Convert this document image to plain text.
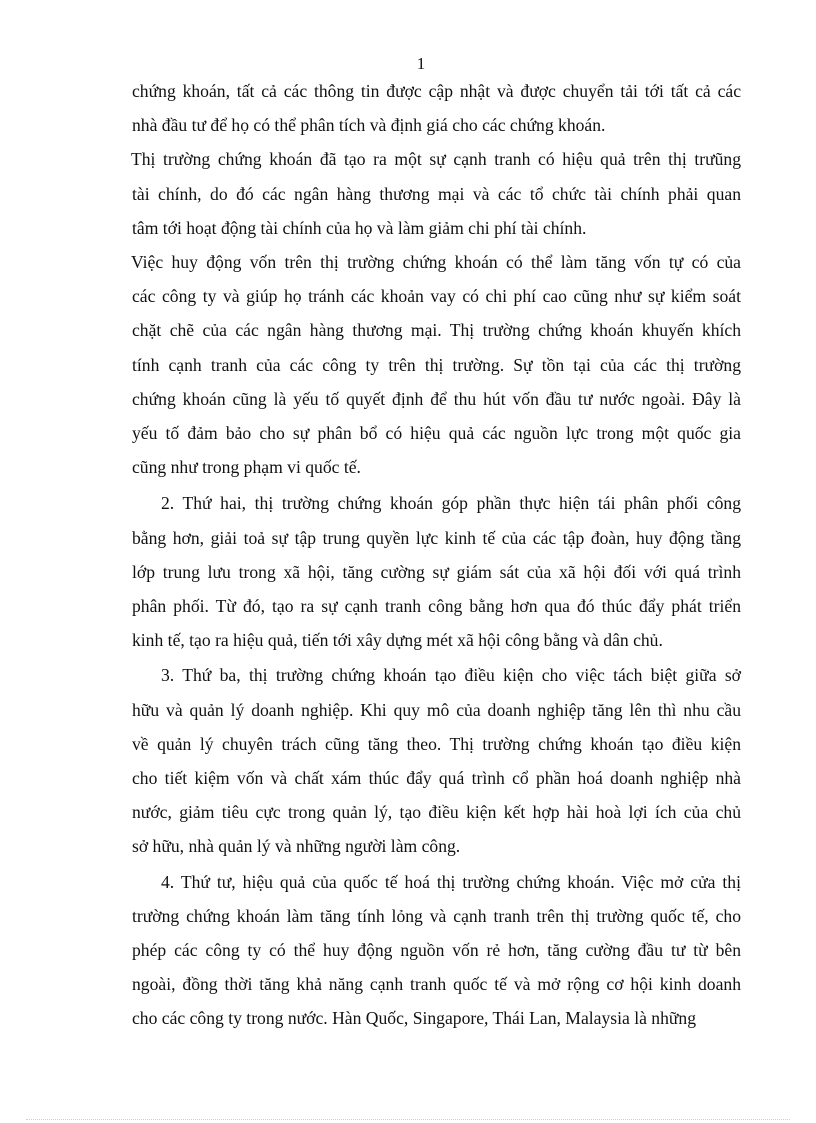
1

chứng khoán, tất cả các thông tin được cập nhật và được chuyển tải tới tất cả các
nhà đầu tư để họ có thể phân tích và định giá cho các chứng khoán.

Thị trường chứng khoán đã tạo ra một sự cạnh tranh có hiệu quả trên thị trưũng
tài chính, do đó các ngân hàng thương mại và các tổ chức tài chính phải quan
tâm tới hoạt động tài chính của họ và làm giảm chi phí tài chính.

Việc huy động vốn trên thị trường chứng khoán có thể làm tăng vốn tự có của
các công ty và giúp họ tránh các khoản vay có chi phí cao cũng như sự kiểm soát
chặt chẽ của các ngân hàng thương mại. Thị trường chứng khoán khuyến khích
tính cạnh tranh của các công ty trên thị trường. Sự tồn tại của các thị trường
chứng khoán cũng là yếu tố quyết định để thu hút vốn đầu tư nước ngoài. Đây là
yếu tố đảm bảo cho sự phân bổ có hiệu quả các nguồn lực trong một quốc gia
cũng như trong phạm vi quốc tế.

2. Thứ hai, thị trường chứng khoán góp phần thực hiện tái phân phối công
bằng hơn, giải toả sự tập trung quyền lực kinh tế của các tập đoàn, huy động tầng
lớp trung lưu trong xã hội, tăng cường sự giám sát của xã hội đối với quá trình
phân phối. Từ đó, tạo ra sự cạnh tranh công bằng hơn qua đó thúc đẩy phát triển
kinh tế, tạo ra hiệu quả, tiến tới xây dựng mét xã hội công bằng và dân chủ.

3. Thứ ba, thị trường chứng khoán tạo điều kiện cho việc tách biệt giữa sở
hữu và quản lý doanh nghiệp. Khi quy mô của doanh nghiệp tăng lên thì nhu cầu
về quản lý chuyên trách cũng tăng theo. Thị trường chứng khoán tạo điều kiện
cho tiết kiệm vốn và chất xám thúc đẩy quá trình cổ phần hoá doanh nghiệp nhà
nước, giảm tiêu cực trong quản lý, tạo điều kiện kết hợp hài hoà lợi ích của chủ
sở hữu, nhà quản lý và những người làm công.

4. Thứ tư, hiệu quả của quốc tế hoá thị trường chứng khoán. Việc mở cửa thị
trường chứng khoán làm tăng tính lỏng và cạnh tranh trên thị trường quốc tế, cho
phép các công ty có thể huy động nguồn vốn rẻ hơn, tăng cường đầu tư từ bên
ngoài, đồng thời tăng khả năng cạnh tranh quốc tế và mở rộng cơ hội kinh doanh
cho các công ty trong nước. Hàn Quốc, Singapore, Thái Lan, Malaysia là những
